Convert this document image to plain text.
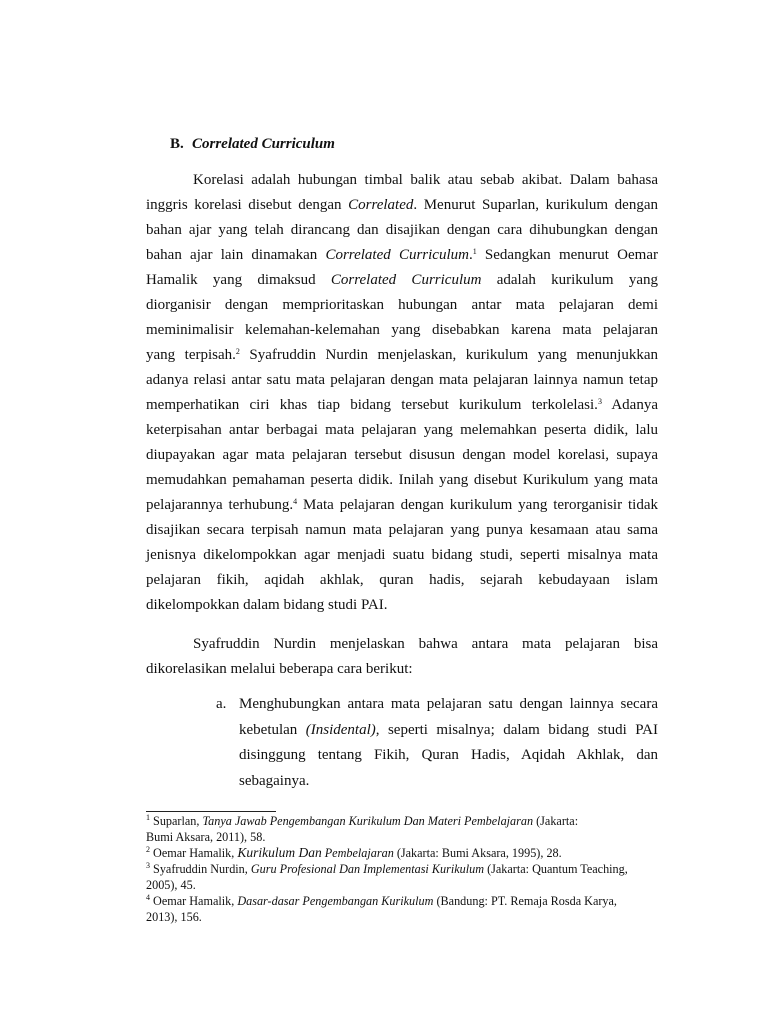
B. Correlated Curriculum
Korelasi adalah hubungan timbal balik atau sebab akibat. Dalam bahasa
inggris korelasi disebut dengan Correlated. Menurut Suparlan, kurikulum dengan
bahan ajar yang telah dirancang dan disajikan dengan cara dihubungkan dengan
bahan ajar lain dinamakan Correlated Curriculum.$^1$ Sedangkan menurut Oemar
Hamalik yang dimaksud Correlated Curriculum adalah kurikulum yang
diorganisir dengan memprioritaskan hubungan antar mata pelajaran demi
meminimalisir kelemahan-kelemahan yang disebabkan karena mata pelajaran
yang terpisah.$^2$ Syafruddin Nurdin menjelaskan, kurikulum yang menunjukkan
adanya relasi antar satu mata pelajaran dengan mata pelajaran lainnya namun tetap
memperhatikan ciri khas tiap bidang tersebut kurikulum terkolelasi.$^3$ Adanya
keterpisahan antar berbagai mata pelajaran yang melemahkan peserta didik, lalu
diupayakan agar mata pelajaran tersebut disusun dengan model korelasi, supaya
memudahkan pemahaman peserta didik. Inilah yang disebut Kurikulum yang mata
pelajarannya terhubung.$^4$ Mata pelajaran dengan kurikulum yang terorganisir tidak
disajikan secara terpisah namun mata pelajaran yang punya kesamaan atau sama
jenisnya dikelompokkan agar menjadi suatu bidang studi, seperti misalnya mata
pelajaran fikih, aqidah akhlak, quran hadis, sejarah kebudayaan islam
dikelompokkan dalam bidang studi PAI.
Syafruddin Nurdin menjelaskan bahwa antara mata pelajaran bisa
dikorelasikan melalui beberapa cara berikut:
a. Menghubungkan antara mata pelajaran satu dengan lainnya secara
kebetulan (Insidental), seperti misalnya; dalam bidang studi PAI
disinggung tentang Fikih, Quran Hadis, Aqidah Akhlak, dan
sebagainya.
$^1$ Suparlan, Tanya Jawab Pengembangan Kurikulum Dan Materi Pembelajaran (Jakarta:
Bumi Aksara, 2011), 58.
$^2$ Oemar Hamalik, Kurikulum Dan Pembelajaran (Jakarta: Bumi Aksara, 1995), 28.
$^3$ Syafruddin Nurdin, Guru Profesional Dan Implementasi Kurikulum (Jakarta: Quantum Teaching,
2005), 45.
$^4$ Oemar Hamalik, Dasar-dasar Pengembangan Kurikulum (Bandung: PT. Remaja Rosda Karya,
2013), 156.
